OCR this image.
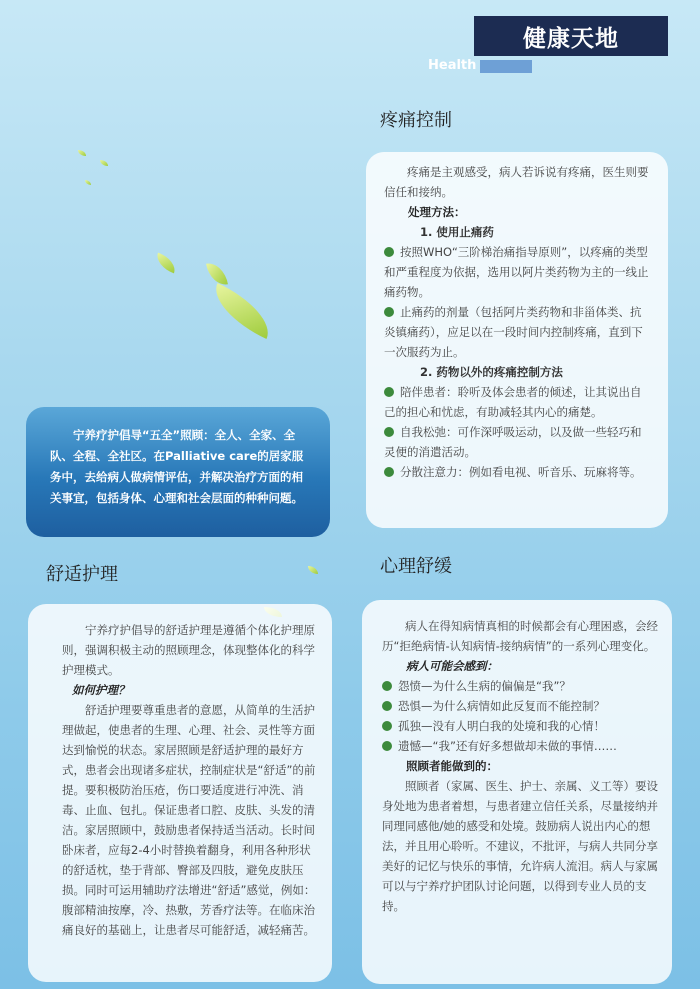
健康天地
Health
疼痛控制

疼痛是主观感受，病人若诉说有疼痛，医生则要信任和接纳。

处理方法：

1. 使用止痛药

按照WHO“三阶梯治痛指导原则”，以疼痛的类型和严重程度为依据，选用以阿片类药物为主的一线止痛药物。

止痛药的剂量（包括阿片类药物和非甾体类、抗炎镇痛药），应足以在一段时间内控制疼痛，直到下一次服药为止。

2. 药物以外的疼痛控制方法

陪伴患者：聆听及体会患者的倾述，让其说出自己的担心和忧虑，有助减轻其内心的痛楚。

自我松弛：可作深呼吸运动，以及做一些轻巧和灵便的消遣活动。

分散注意力：例如看电视、听音乐、玩麻将等。

宁养疗护倡导“五全”照顾：全人、全家、全队、全程、全社区。在Palliative care的居家服务中，去给病人做病情评估，并解决治疗方面的相关事宜，包括身体、心理和社会层面的种种问题。

舒适护理

宁养疗护倡导的舒适护理是遵循个体化护理原则，强调积极主动的照顾理念，体现整体化的科学护理模式。

如何护理？

舒适护理要尊重患者的意愿，从简单的生活护理做起，使患者的生理、心理、社会、灵性等方面达到愉悦的状态。家居照顾是舒适护理的最好方式，患者会出现诸多症状，控制症状是“舒适”的前提。要积极防治压疮，伤口要适度进行冲洗、消毒、止血、包扎。保证患者口腔、皮肤、头发的清洁。家居照顾中，鼓励患者保持适当活动。长时间卧床者，应每2-4小时替换着翻身，利用各种形状的舒适枕，垫于背部、臀部及四肢，避免皮肤压损。同时可运用辅助疗法增进“舒适”感觉，例如：腹部精油按摩，冷、热敷，芳香疗法等。在临床治痛良好的基础上，让患者尽可能舒适，减轻痛苦。

心理舒缓

病人在得知病情真相的时候都会有心理困惑，会经历“拒绝病情-认知病情-接纳病情”的一系列心理变化。

病人可能会感到：

怨愤—为什么生病的偏偏是“我”？

恐惧—为什么病情如此反复而不能控制？

孤独—没有人明白我的处境和我的心情！

遗憾—“我”还有好多想做却未做的事情……

照顾者能做到的：

照顾者（家属、医生、护士、亲属、义工等）要设身处地为患者着想，与患者建立信任关系，尽量接纳并同理同感他/她的感受和处境。鼓励病人说出内心的想法，并且用心聆听。不建议，不批评，与病人共同分享美好的记忆与快乐的事情，允许病人流泪。病人与家属可以与宁养疗护团队讨论问题，以得到专业人员的支持。
